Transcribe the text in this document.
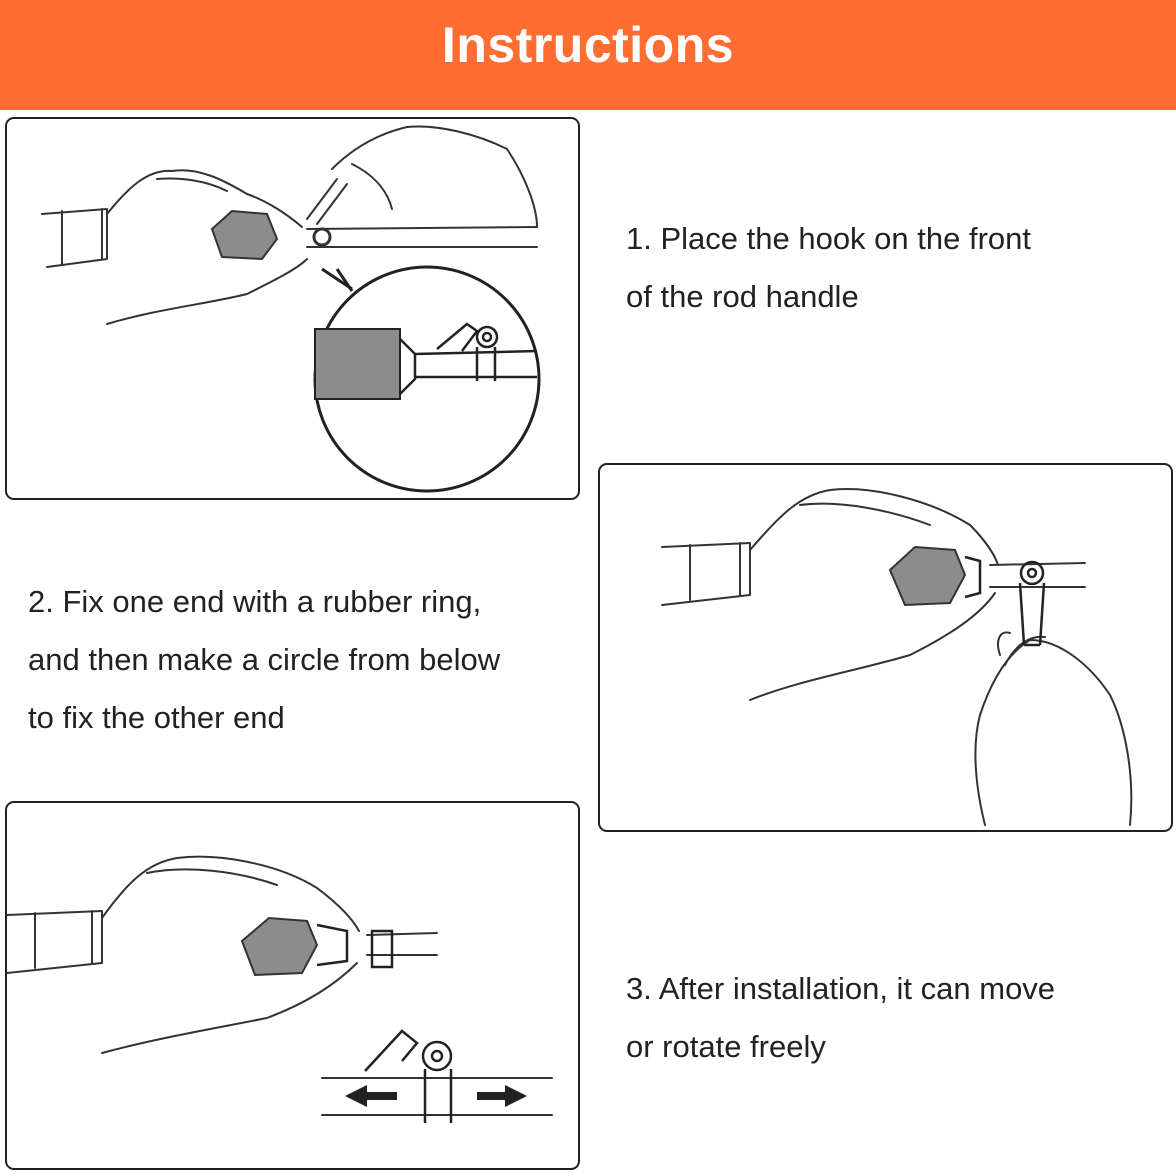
Instructions
1. Place the hook on the front
of the rod handle
2. Fix one end with a rubber ring,
and then make a circle from below
to fix the other end
3. After installation, it can move
or rotate freely
